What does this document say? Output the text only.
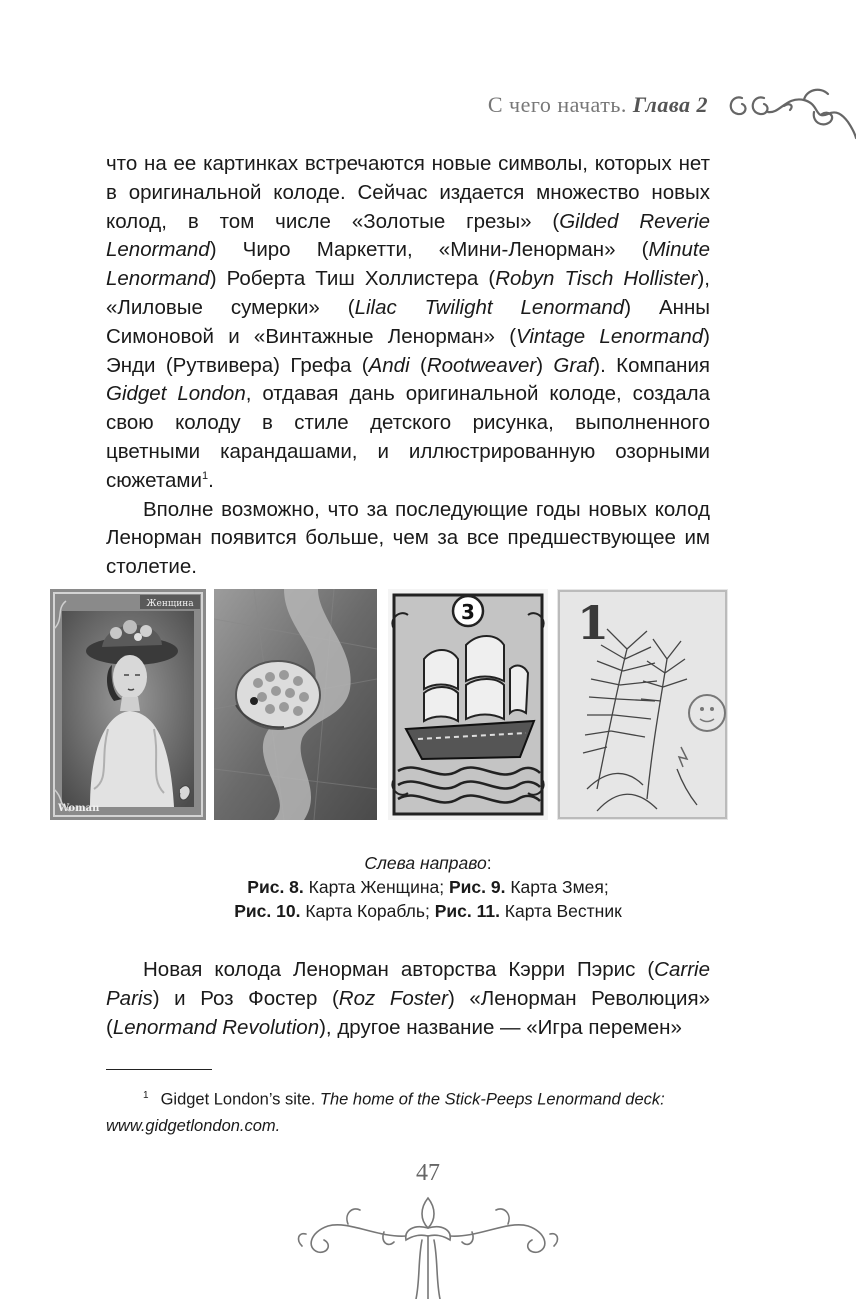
С чего начать. Глава 2

что на ее картинках встречаются новые символы, которых нет в оригинальной колоде. Сейчас издается множество новых колод, в том числе «Золотые грезы» (Gilded Reverie Lenormand) Чиро Маркетти, «Мини-Ленорман» (Minute Lenormand) Роберта Тиш Холлистера (Robyn Tisch Hollister), «Лиловые сумерки» (Lilac Twilight Lenormand) Анны Симоновой и «Винтажные Ленорман» (Vintage Lenormand) Энди (Рутвивера) Грефа (Andi (Rootweaver) Graf). Компания Gidget London, отдавая дань оригинальной колоде, создала свою колоду в стиле детского рисунка, выполненного цветными карандашами, и иллюстрированную озорными сюжетами$^1$.

Вполне возможно, что за последующие годы новых колод Ленорман появится больше, чем за все предшествующее им столетие.

Женщина
Woman
3 1
Слева направо:
Рис. 8. Карта Женщина; Рис. 9. Карта Змея;
Рис. 10. Карта Корабль; Рис. 11. Карта Вестник

Новая колода Ленорман авторства Кэрри Пэрис (Carrie Paris) и Роз Фостер (Roz Foster) «Ленорман Революция» (Lenormand Revolution), другое название — «Игра перемен»

$^1$ Gidget London’s site. The home of the Stick-Peeps Lenormand deck: www.gidgetlondon.com.
47
